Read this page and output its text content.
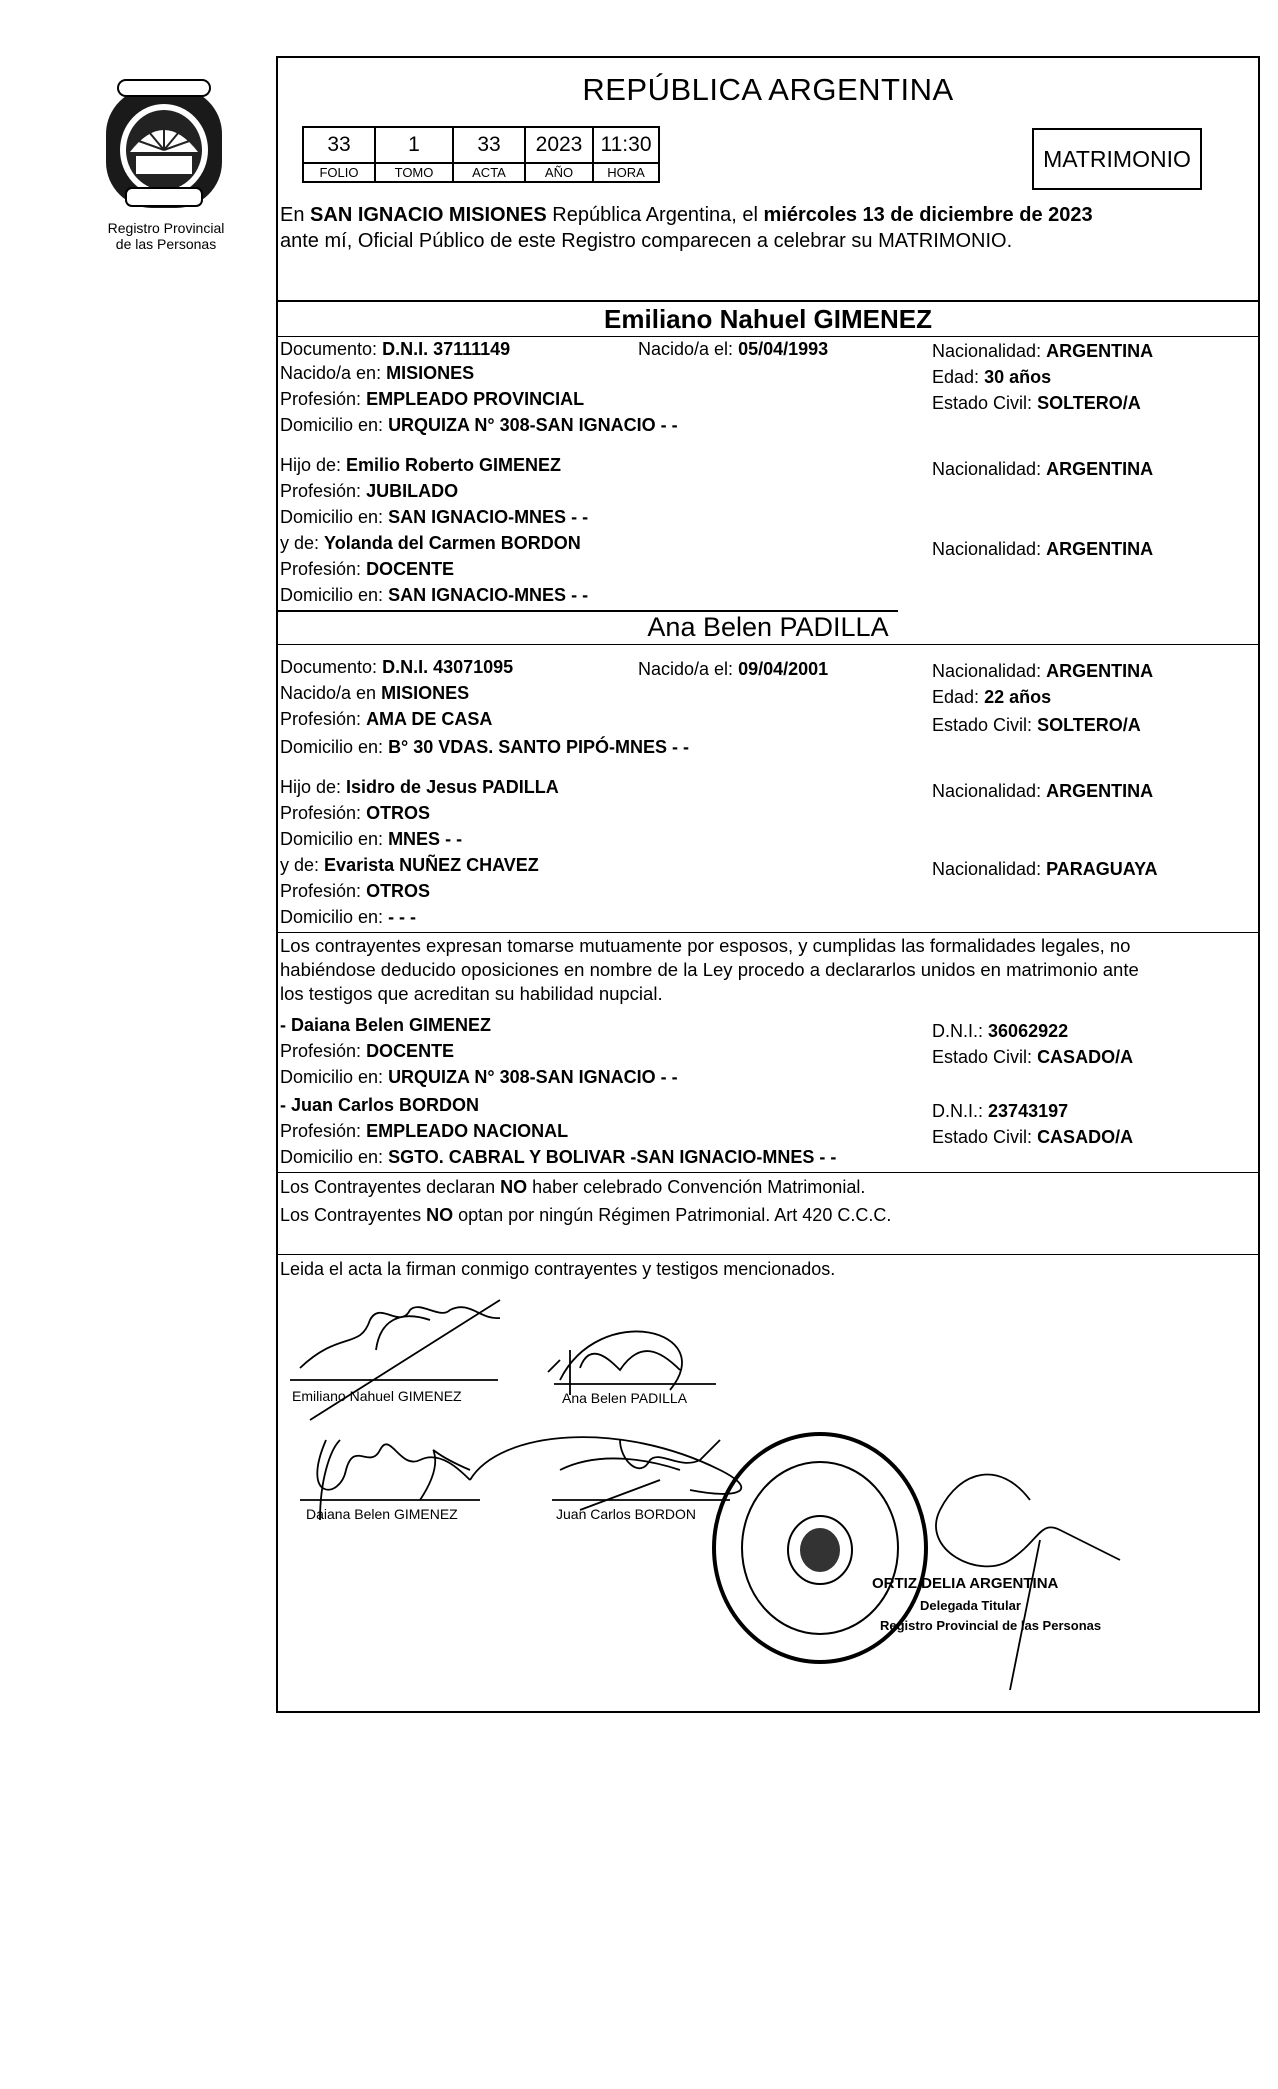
Registro Provincial
de las Personas
REPÚBLICA ARGENTINA
33	1	33	2023	11:30
FOLIO	TOMO	ACTA	AÑO	HORA
MATRIMONIO
En SAN IGNACIO MISIONES República Argentina, el miércoles 13 de diciembre de 2023
ante mí, Oficial Público de este Registro comparecen a celebrar su MATRIMONIO.
Emiliano Nahuel GIMENEZ
Documento: D.N.I. 37111149	Nacido/a el: 05/04/1993	Nacionalidad: ARGENTINA
Nacido/a en: MISIONES	Edad: 30 años
Profesión: EMPLEADO PROVINCIAL	Estado Civil: SOLTERO/A
Domicilio en: URQUIZA N° 308-SAN IGNACIO - -
Hijo de: Emilio Roberto GIMENEZ	Nacionalidad: ARGENTINA
Profesión: JUBILADO
Domicilio en: SAN IGNACIO-MNES - -
y de: Yolanda del Carmen BORDON	Nacionalidad: ARGENTINA
Profesión: DOCENTE
Domicilio en: SAN IGNACIO-MNES - -
Ana Belen PADILLA
Documento: D.N.I. 43071095	Nacido/a el: 09/04/2001	Nacionalidad: ARGENTINA
Nacido/a en MISIONES	Edad: 22 años
Profesión: AMA DE CASA	Estado Civil: SOLTERO/A
Domicilio en: B° 30 VDAS. SANTO PIPÓ-MNES - -
Hijo de: Isidro de Jesus PADILLA	Nacionalidad: ARGENTINA
Profesión: OTROS
Domicilio en: MNES - -
y de: Evarista NUÑEZ CHAVEZ	Nacionalidad: PARAGUAYA
Profesión: OTROS
Domicilio en: - - -
Los contrayentes expresan tomarse mutuamente por esposos, y cumplidas las formalidades legales, no
habiéndose deducido oposiciones en nombre de la Ley procedo a declararlos unidos en matrimonio ante
los testigos que acreditan su habilidad nupcial.
- Daiana Belen GIMENEZ	D.N.I.: 36062922
Profesión: DOCENTE	Estado Civil: CASADO/A
Domicilio en: URQUIZA N° 308-SAN IGNACIO - -
- Juan Carlos BORDON	D.N.I.: 23743197
Profesión: EMPLEADO NACIONAL	Estado Civil: CASADO/A
Domicilio en: SGTO. CABRAL Y BOLIVAR -SAN IGNACIO-MNES - -
Los Contrayentes declaran NO haber celebrado Convención Matrimonial.
Los Contrayentes NO optan por ningún Régimen Patrimonial. Art 420 C.C.C.
Leida el acta la firman conmigo contrayentes y testigos mencionados.
Emiliano Nahuel GIMENEZ	Ana Belen PADILLA
Daiana Belen GIMENEZ	Juan Carlos BORDON
ORTIZ DELIA ARGENTINA
Delegada Titular
Registro Provincial de las Personas
